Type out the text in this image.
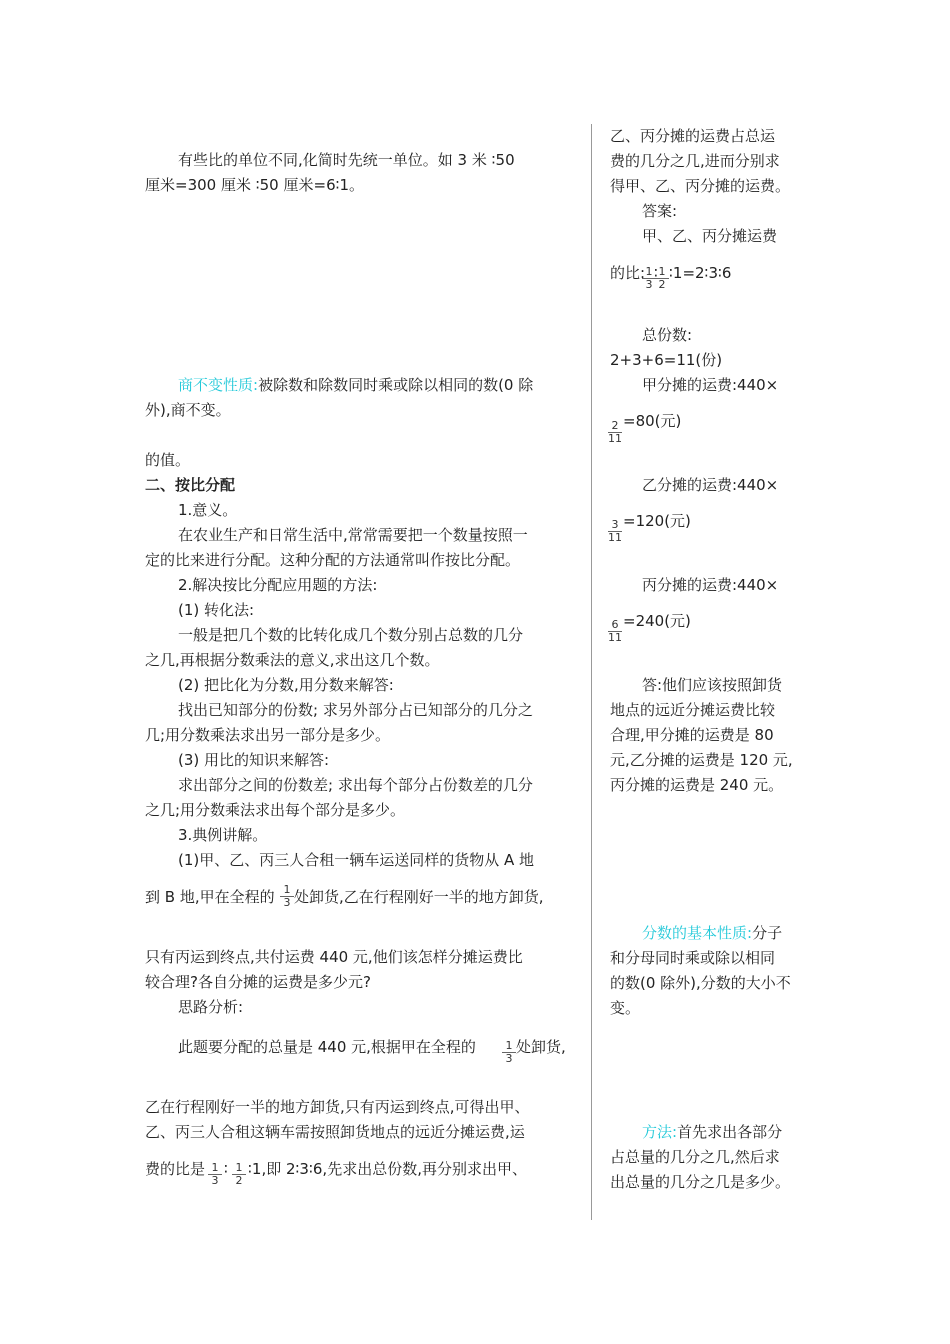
有些比的单位不同,化简时先统一单位。如 3 米 ∶50
厘米=300 厘米 ∶50 厘米=6∶1。
商不变性质:被除数和除数同时乘或除以相同的数(0 除
外),商不变。
的值。
二、按比分配
1.意义。
在农业生产和日常生活中,常常需要把一个数量按照一
定的比来进行分配。这种分配的方法通常叫作按比分配。
2.解决按比分配应用题的方法:
(1) 转化法:
一般是把几个数的比转化成几个数分别占总数的几分
之几,再根据分数乘法的意义,求出这几个数。
(2) 把比化为分数,用分数来解答:
找出已知部分的份数; 求另外部分占已知部分的几分之
几;用分数乘法求出另一部分是多少。
(3) 用比的知识来解答:
求出部分之间的份数差; 求出每个部分占份数差的几分
之几;用分数乘法求出每个部分是多少。
3.典例讲解。
(1)甲、乙、丙三人合租一辆车运送同样的货物从 A 地
到 B 地,甲在全程的 $\frac{1}{3}$ 处卸货,乙在行程刚好一半的地方卸货,
只有丙运到终点,共付运费 440 元,他们该怎样分摊运费比
较合理?各自分摊的运费是多少元?
思路分析:
此题要分配的总量是 440 元,根据甲在全程的 $\frac{1}{3}$ 处卸货,
乙在行程刚好一半的地方卸货,只有丙运到终点,可得出甲、
乙、丙三人合租这辆车需按照卸货地点的远近分摊运费,运
费的比是 $\frac{1}{3}$ ∶ $\frac{1}{2}$ ∶1,即 2∶3∶6,先求出总份数,再分别求出甲、
乙、丙分摊的运费占总运
费的几分之几,进而分别求
得甲、乙、丙分摊的运费。
答案:
甲、乙、丙分摊运费
的比:
$\frac{1}{3}$
∶
$\frac{1}{2}$ ∶1=2∶3∶6
总份数:
2+3+6=11(份)
甲分摊的运费:440×
$\frac{2}{11} =80$(元)
乙分摊的运费:440×
$\frac{3}{11} =120$(元)
丙分摊的运费:440×
$\frac{6}{11} =240$(元)
答:他们应该按照卸货
地点的远近分摊运费比较
合理,甲分摊的运费是 80
元,乙分摊的运费是 120 元,
丙分摊的运费是 240 元。
分数的基本性质:分子
和分母同时乘或除以相同
的数(0 除外),分数的大小不
变。
方法:首先求出各部分
占总量的几分之几,然后求
出总量的几分之几是多少。
